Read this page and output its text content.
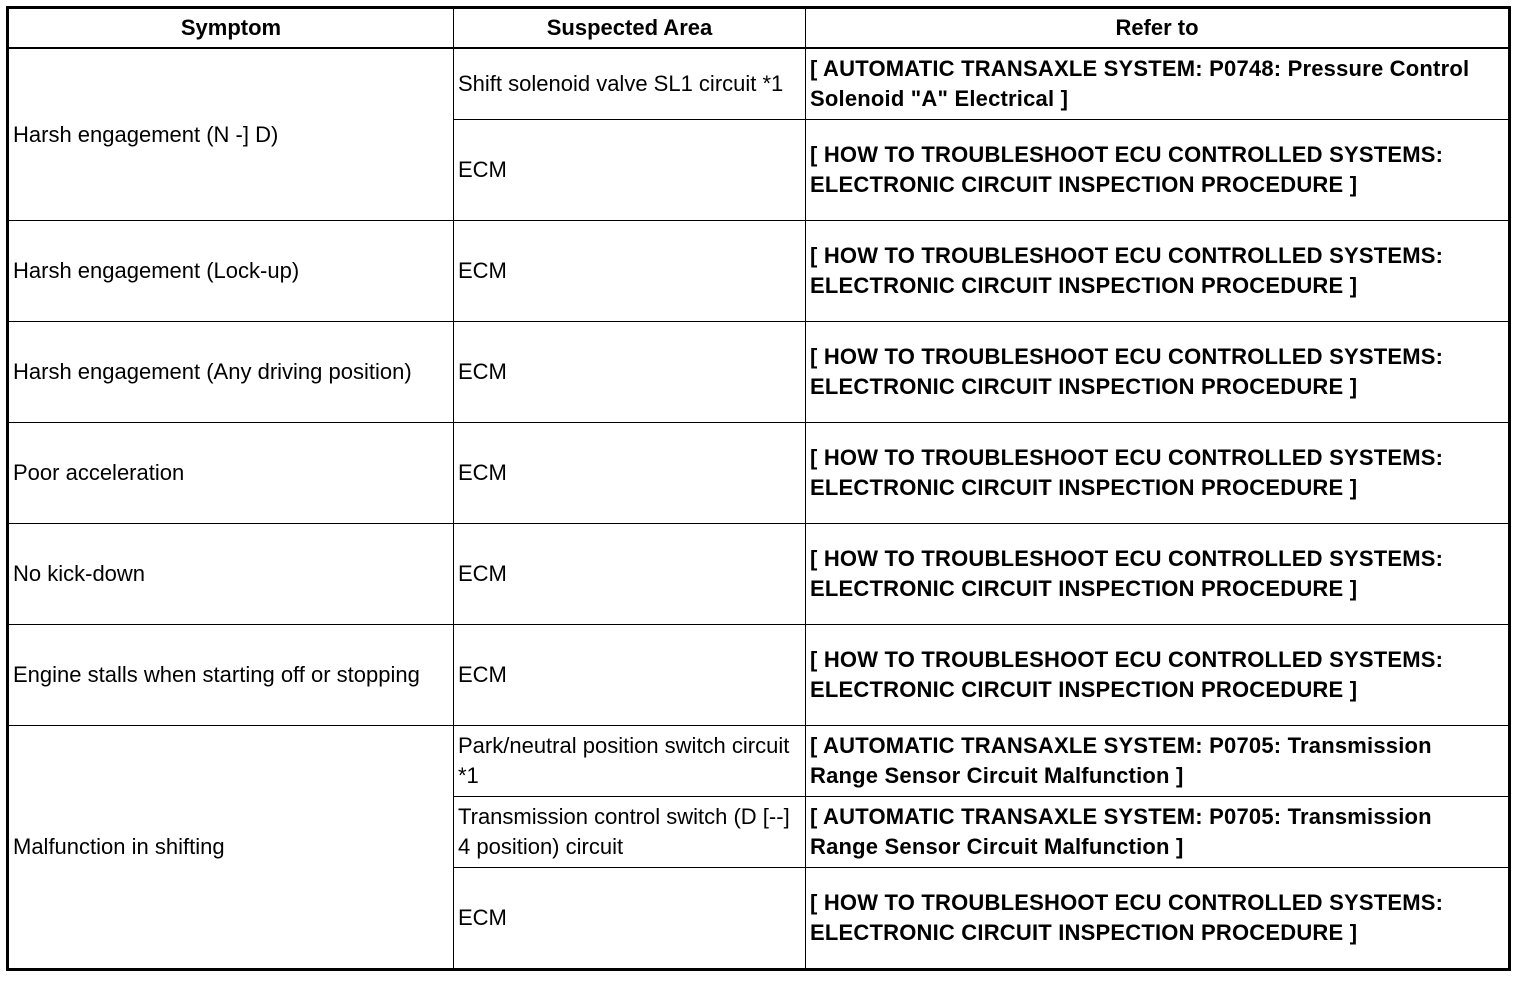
Symptom	Suspected Area	Refer to
Harsh engagement (N -] D)	Shift solenoid valve SL1 circuit *1	[ AUTOMATIC TRANSAXLE SYSTEM: P0748: Pressure Control Solenoid "A" Electrical ]
	ECM	[ HOW TO TROUBLESHOOT ECU CONTROLLED SYSTEMS: ELECTRONIC CIRCUIT INSPECTION PROCEDURE ]
Harsh engagement (Lock-up)	ECM	[ HOW TO TROUBLESHOOT ECU CONTROLLED SYSTEMS: ELECTRONIC CIRCUIT INSPECTION PROCEDURE ]
Harsh engagement (Any driving position)	ECM	[ HOW TO TROUBLESHOOT ECU CONTROLLED SYSTEMS: ELECTRONIC CIRCUIT INSPECTION PROCEDURE ]
Poor acceleration	ECM	[ HOW TO TROUBLESHOOT ECU CONTROLLED SYSTEMS: ELECTRONIC CIRCUIT INSPECTION PROCEDURE ]
No kick-down	ECM	[ HOW TO TROUBLESHOOT ECU CONTROLLED SYSTEMS: ELECTRONIC CIRCUIT INSPECTION PROCEDURE ]
Engine stalls when starting off or stopping	ECM	[ HOW TO TROUBLESHOOT ECU CONTROLLED SYSTEMS: ELECTRONIC CIRCUIT INSPECTION PROCEDURE ]
Malfunction in shifting	Park/neutral position switch circuit *1	[ AUTOMATIC TRANSAXLE SYSTEM: P0705: Transmission Range Sensor Circuit Malfunction ]
	Transmission control switch (D [--] 4 position) circuit	[ AUTOMATIC TRANSAXLE SYSTEM: P0705: Transmission Range Sensor Circuit Malfunction ]
	ECM	[ HOW TO TROUBLESHOOT ECU CONTROLLED SYSTEMS: ELECTRONIC CIRCUIT INSPECTION PROCEDURE ]
